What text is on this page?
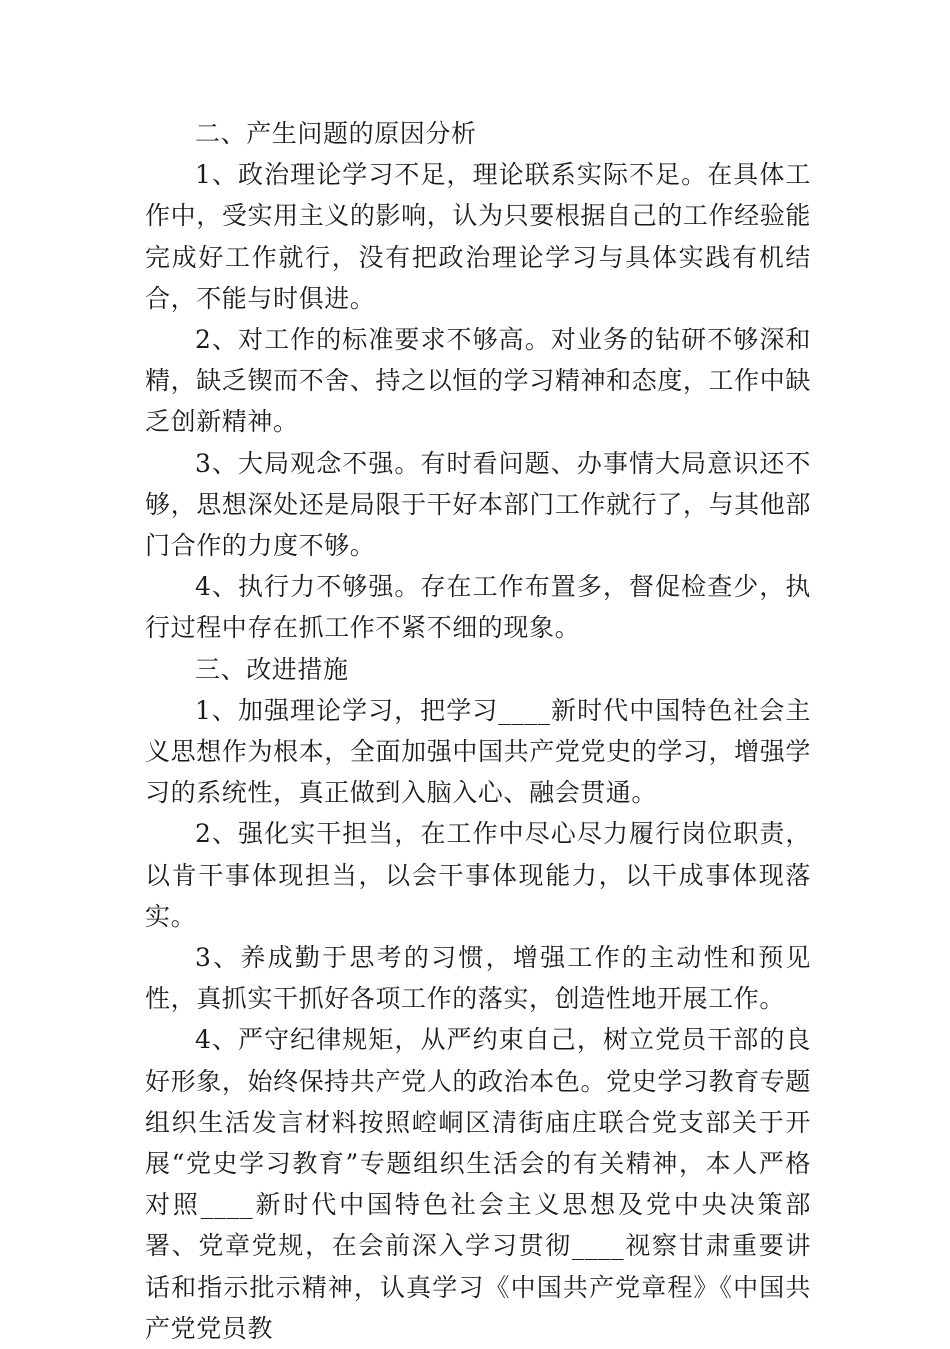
二、产生问题的原因分析

1、政治理论学习不足，理论联系实际不足。在具体工作中，受实用主义的影响，认为只要根据自己的工作经验能完成好工作就行，没有把政治理论学习与具体实践有机结合，不能与时俱进。

2、对工作的标准要求不够高。对业务的钻研不够深和精，缺乏锲而不舍、持之以恒的学习精神和态度，工作中缺乏创新精神。

3、大局观念不强。有时看问题、办事情大局意识还不够，思想深处还是局限于干好本部门工作就行了，与其他部门合作的力度不够。

4、执行力不够强。存在工作布置多，督促检查少，执行过程中存在抓工作不紧不细的现象。

三、改进措施

1、加强理论学习，把学习____新时代中国特色社会主义思想作为根本，全面加强中国共产党党史的学习，增强学习的系统性，真正做到入脑入心、融会贯通。

2、强化实干担当，在工作中尽心尽力履行岗位职责，以肯干事体现担当，以会干事体现能力，以干成事体现落实。

3、养成勤于思考的习惯，增强工作的主动性和预见性，真抓实干抓好各项工作的落实，创造性地开展工作。

4、严守纪律规矩，从严约束自己，树立党员干部的良好形象，始终保持共产党人的政治本色。党史学习教育专题组织生活发言材料按照崆峒区清街庙庄联合党支部关于开展“党史学习教育”专题组织生活会的有关精神，本人严格对照____新时代中国特色社会主义思想及党中央决策部署、党章党规，在会前深入学习贯彻____视察甘肃重要讲话和指示批示精神，认真学习《中国共产党章程》《中国共产党党员教
